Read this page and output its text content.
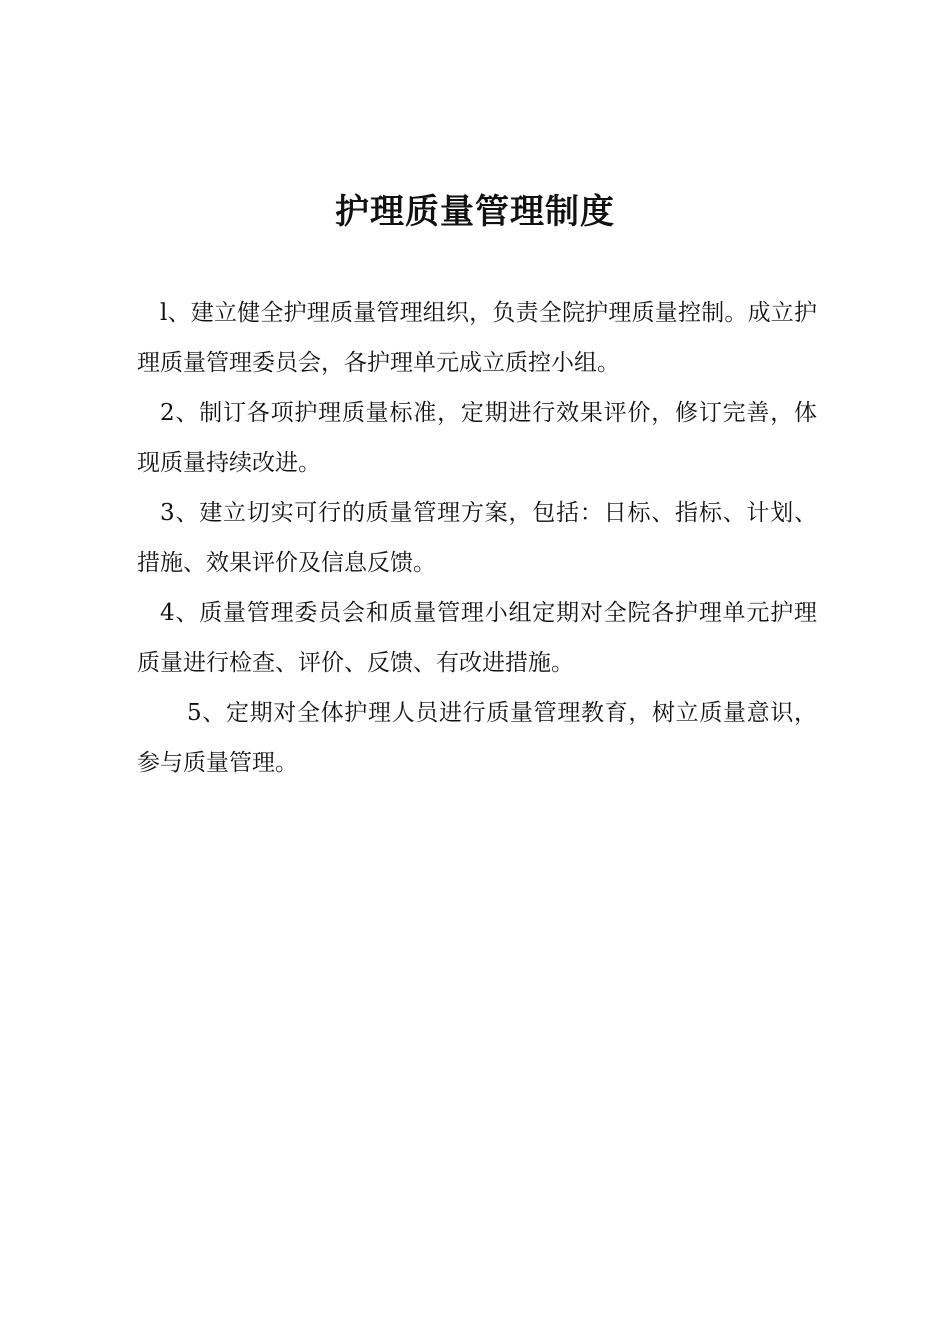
护理质量管理制度

l、建立健全护理质量管理组织，负责全院护理质量控制。成立护理质量管理委员会，各护理单元成立质控小组。

2、制订各项护理质量标准，定期进行效果评价，修订完善，体现质量持续改进。

3、建立切实可行的质量管理方案，包括：日标、指标、计划、措施、效果评价及信息反馈。

4、质量管理委员会和质量管理小组定期对全院各护理单元护理质量进行检查、评价、反馈、有改进措施。

5、定期对全体护理人员进行质量管理教育，树立质量意识，参与质量管理。
